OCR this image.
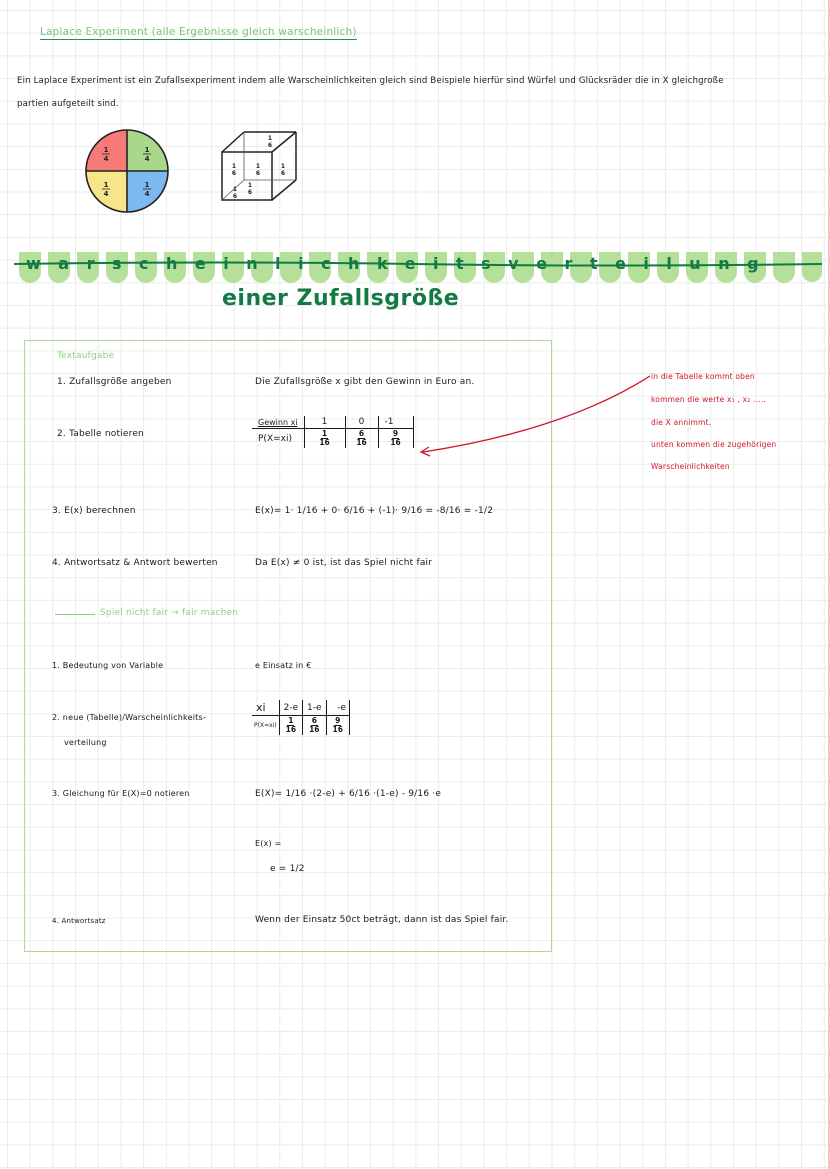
Laplace Experiment (alle Ergebnisse gleich warscheinlich)
Ein Laplace Experiment ist ein Zufallsexperiment indem alle Warscheinlichkeiten gleich sind Beispiele hierfür sind Würfel und Glücksräder die in X gleichgroße
partien aufgeteilt sind.
1
4
1
4
1
4
1
4
1
6
1
6
1
6
1
6
1
6
1
6
warscheinlichkeitsverteilung
einer Zufallsgröße
Textaufgabe
1. Zufallsgröße angeben	Die Zufallsgröße x gibt den Gewinn in Euro an.
2. Tabelle notieren
Gewinn xi	1	0	-1
P(X=xi)	$\frac{1}{16}$	$\frac{6}{16}$	$\frac{9}{16}$
in die Tabelle kommt oben
kommen die werte x₁ , x₂ .....
die X annimmt.
unten kommen die zugehörigen
Warscheinlichkeiten
3. E(x) berechnen	E(x)= 1· 1/16 + 0· 6/16 + (-1)· 9/16 = -8/16 = -1/2
4. Antwortsatz & Antwort bewerten	Da E(x) ≠ 0 ist, ist das Spiel nicht fair
Spiel nicht fair → fair machen
1. Bedeutung von Variable	e Einsatz in €
2. neue (Tabelle)/Warscheinlichkeits-
verteilung
xi	2-e	1-e	-e
P(X=xi)	$\frac{1}{16}$	$\frac{6}{16}$	$\frac{9}{16}$
3. Gleichung für E(X)=0 notieren	E(X)= 1/16 ·(2-e) + 6/16 ·(1-e) - 9/16 ·e
E(x) =
e = 1/2
4. Antwortsatz	Wenn der Einsatz 50ct beträgt, dann ist das Spiel fair.
